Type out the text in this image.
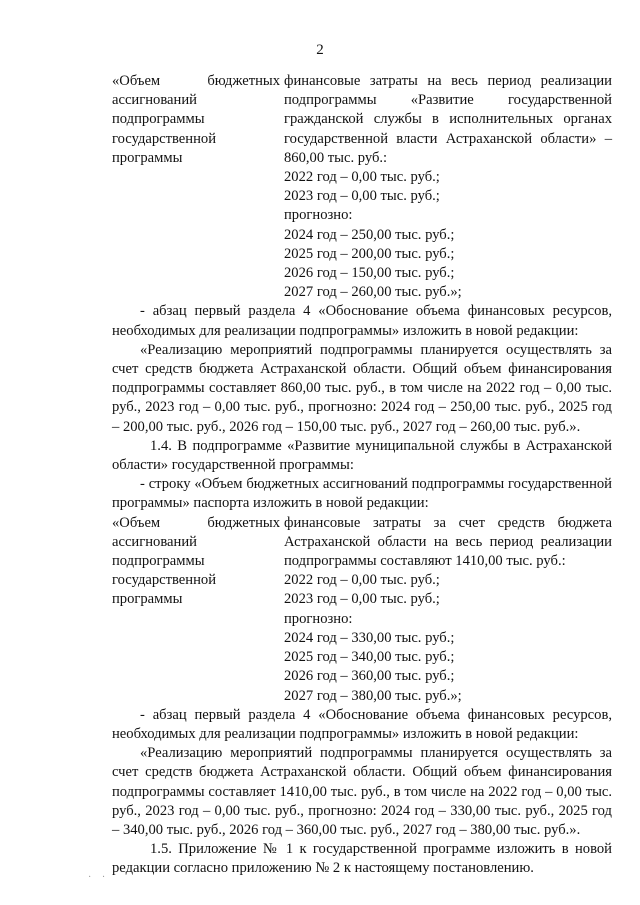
2
«Объем бюджетных ассигнований подпрограммы государственной программы
финансовые затраты на весь период реализации подпрограммы «Развитие государственной гражданской службы в исполнительных органах государственной власти Астраханской области» – 860,00 тыс. руб.:
2022 год – 0,00 тыс. руб.;
2023 год – 0,00 тыс. руб.;
прогнозно:
2024 год – 250,00 тыс. руб.;
2025 год – 200,00 тыс. руб.;
2026 год – 150,00 тыс. руб.;
2027 год – 260,00 тыс. руб.»;
- абзац первый раздела 4 «Обоснование объема финансовых ресурсов, необходимых для реализации подпрограммы» изложить в новой редакции:
«Реализацию мероприятий подпрограммы планируется осуществлять за счет средств бюджета Астраханской области. Общий объем финансирования подпрограммы составляет 860,00 тыс. руб., в том числе на 2022 год – 0,00 тыс. руб., 2023 год – 0,00 тыс. руб., прогнозно: 2024 год – 250,00 тыс. руб., 2025 год – 200,00 тыс. руб., 2026 год – 150,00 тыс. руб., 2027 год – 260,00 тыс. руб.».
1.4. В подпрограмме «Развитие муниципальной службы в Астраханской области» государственной программы:
- строку «Объем бюджетных ассигнований подпрограммы государственной программы» паспорта изложить в новой редакции:
«Объем бюджетных ассигнований подпрограммы государственной программы
финансовые затраты за счет средств бюджета Астраханской области на весь период реализации подпрограммы составляют 1410,00 тыс. руб.:
2022 год – 0,00 тыс. руб.;
2023 год – 0,00 тыс. руб.;
прогнозно:
2024 год – 330,00 тыс. руб.;
2025 год – 340,00 тыс. руб.;
2026 год – 360,00 тыс. руб.;
2027 год – 380,00 тыс. руб.»;
- абзац первый раздела 4 «Обоснование объема финансовых ресурсов, необходимых для реализации подпрограммы» изложить в новой редакции:
«Реализацию мероприятий подпрограммы планируется осуществлять за счет средств бюджета Астраханской области. Общий объем финансирования подпрограммы составляет 1410,00 тыс. руб., в том числе на 2022 год – 0,00 тыс. руб., 2023 год – 0,00 тыс. руб., прогнозно: 2024 год – 330,00 тыс. руб., 2025 год – 340,00 тыс. руб., 2026 год – 360,00 тыс. руб., 2027 год – 380,00 тыс. руб.».
1.5. Приложение № 1 к государственной программе изложить в новой редакции согласно приложению № 2 к настоящему постановлению.
· ·
